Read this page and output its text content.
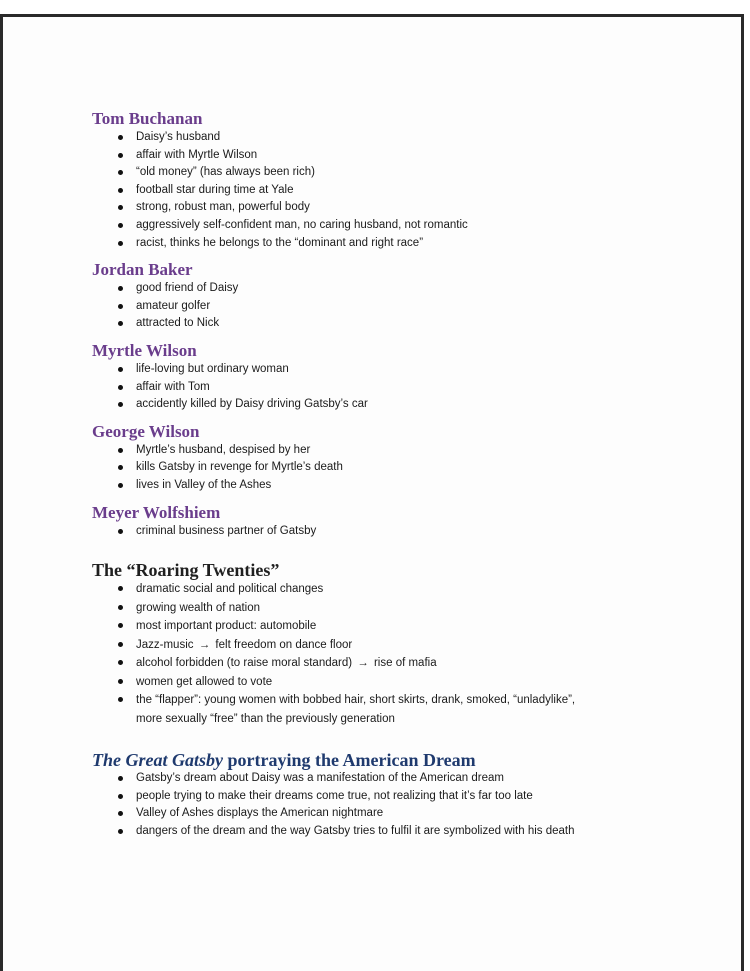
Tom Buchanan
Daisy’s husband
affair with Myrtle Wilson
“old money” (has always been rich)
football star during time at Yale
strong, robust man, powerful body
aggressively self-confident man, no caring husband, not romantic
racist, thinks he belongs to the “dominant and right race”
Jordan Baker
good friend of Daisy
amateur golfer
attracted to Nick
Myrtle Wilson
life-loving but ordinary woman
affair with Tom
accidently killed by Daisy driving Gatsby’s car
George Wilson
Myrtle’s husband, despised by her
kills Gatsby in revenge for Myrtle’s death
lives in Valley of the Ashes
Meyer Wolfshiem
criminal business partner of Gatsby
The “Roaring Twenties”
dramatic social and political changes
growing wealth of nation
most important product: automobile
Jazz-music → felt freedom on dance floor
alcohol forbidden (to raise moral standard) → rise of mafia
women get allowed to vote
the “flapper”: young women with bobbed hair, short skirts, drank, smoked, “unladylike”,
more sexually “free” than the previously generation
The Great Gatsby portraying the American Dream
Gatsby’s dream about Daisy was a manifestation of the American dream
people trying to make their dreams come true, not realizing that it’s far too late
Valley of Ashes displays the American nightmare
dangers of the dream and the way Gatsby tries to fulfil it are symbolized with his death
